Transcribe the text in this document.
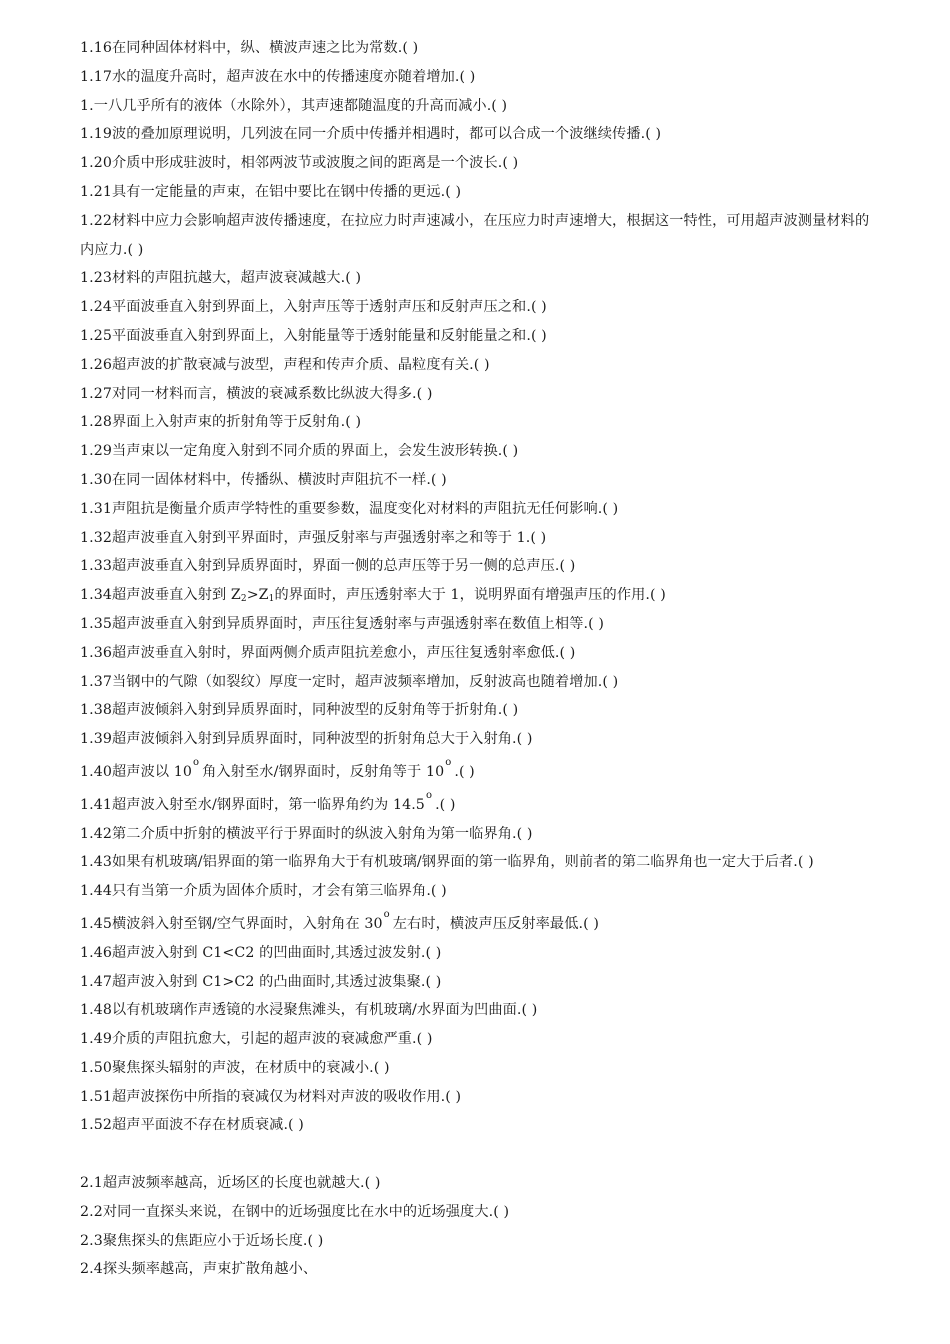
1.16在同种固体材料中，纵、横波声速之比为常数.( )
1.17水的温度升高时，超声波在水中的传播速度亦随着增加.( )
1.一八几乎所有的液体（水除外），其声速都随温度的升高而减小.( )
1.19波的叠加原理说明，几列波在同一介质中传播并相遇时，都可以合成一个波继续传播.( )
1.20介质中形成驻波时，相邻两波节或波腹之间的距离是一个波长.( )
1.21具有一定能量的声束，在铝中要比在钢中传播的更远.( )
1.22材料中应力会影响超声波传播速度，在拉应力时声速减小，在压应力时声速增大，根据这一特性，可用超声波测量材料的内应力.( )
1.23材料的声阻抗越大，超声波衰减越大.( )
1.24平面波垂直入射到界面上，入射声压等于透射声压和反射声压之和.( )
1.25平面波垂直入射到界面上，入射能量等于透射能量和反射能量之和.( )
1.26超声波的扩散衰减与波型，声程和传声介质、晶粒度有关.( )
1.27对同一材料而言，横波的衰减系数比纵波大得多.( )
1.28界面上入射声束的折射角等于反射角.( )
1.29当声束以一定角度入射到不同介质的界面上，会发生波形转换.( )
1.30在同一固体材料中，传播纵、横波时声阻抗不一样.( )
1.31声阻抗是衡量介质声学特性的重要参数，温度变化对材料的声阻抗无任何影响.( )
1.32超声波垂直入射到平界面时，声强反射率与声强透射率之和等于 1.( )
1.33超声波垂直入射到异质界面时，界面一侧的总声压等于另一侧的总声压.( )
1.34超声波垂直入射到 $Z_2>Z_1$的界面时，声压透射率大于 1，说明界面有增强声压的作用.( )
1.35超声波垂直入射到异质界面时，声压往复透射率与声强透射率在数值上相等.( )
1.36超声波垂直入射时，界面两侧介质声阻抗差愈小，声压往复透射率愈低.( )
1.37当钢中的气隙（如裂纹）厚度一定时，超声波频率增加，反射波高也随着增加.( )
1.38超声波倾斜入射到异质界面时，同种波型的反射角等于折射角.( )
1.39超声波倾斜入射到异质界面时，同种波型的折射角总大于入射角.( )
1.40超声波以 10$^o$角入射至水/钢界面时，反射角等于 10$^o$.( )
1.41超声波入射至水/钢界面时，第一临界角约为 14.5$^o$.( )
1.42第二介质中折射的横波平行于界面时的纵波入射角为第一临界角.( )
1.43如果有机玻璃/铝界面的第一临界角大于有机玻璃/钢界面的第一临界角，则前者的第二临界角也一定大于后者.( )
1.44只有当第一介质为固体介质时，才会有第三临界角.( )
1.45横波斜入射至钢/空气界面时，入射角在 30$^o$左右时，横波声压反射率最低.( )
1.46超声波入射到 C1<C2 的凹曲面时,其透过波发射.( )
1.47超声波入射到 C1>C2 的凸曲面时,其透过波集聚.( )
1.48以有机玻璃作声透镜的水浸聚焦滩头，有机玻璃/水界面为凹曲面.( )
1.49介质的声阻抗愈大，引起的超声波的衰减愈严重.( )
1.50聚焦探头辐射的声波，在材质中的衰减小.( )
1.51超声波探伤中所指的衰减仅为材料对声波的吸收作用.( )
1.52超声平面波不存在材质衰减.( )
2.1超声波频率越高，近场区的长度也就越大.( )
2.2对同一直探头来说，在钢中的近场强度比在水中的近场强度大.( )
2.3聚焦探头的焦距应小于近场长度.( )
2.4探头频率越高，声束扩散角越小、
